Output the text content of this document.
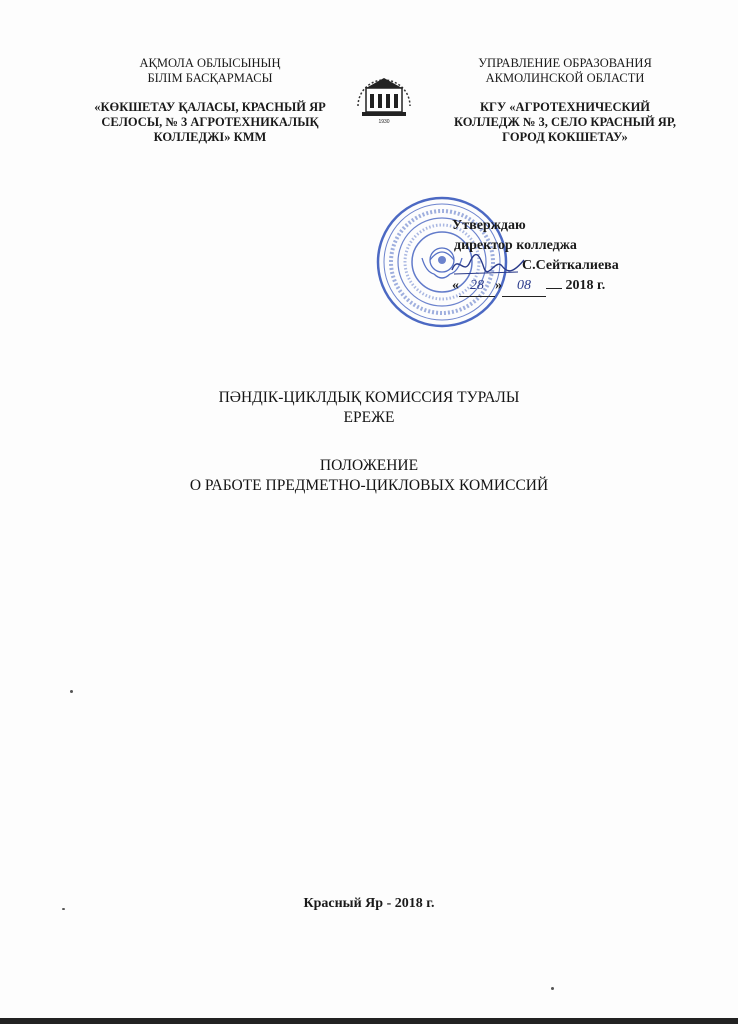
АҚМОЛА ОБЛЫСЫНЫҢ
БІЛІМ БАСҚАРМАСЫ
«КӨКШЕТАУ ҚАЛАСЫ, КРАСНЫЙ ЯР
СЕЛОСЫ, № 3 АГРОТЕХНИКАЛЫҚ
КОЛЛЕДЖІ» КММ
1930
УПРАВЛЕНИЕ ОБРАЗОВАНИЯ
АКМОЛИНСКОЙ ОБЛАСТИ
КГУ «АГРОТЕХНИЧЕСКИЙ
КОЛЛЕДЖ № 3, СЕЛО КРАСНЫЙ ЯР,
ГОРОД КОКШЕТАУ»
Утверждаю
директор колледжа
С.Сейткалиева
« 28 » 08 2018 г.
ПӘНДІК-ЦИКЛДЫҚ КОМИССИЯ ТУРАЛЫ
ЕРЕЖЕ
ПОЛОЖЕНИЕ
О РАБОТЕ ПРЕДМЕТНО-ЦИКЛОВЫХ КОМИССИЙ
Красный Яр - 2018 г.
